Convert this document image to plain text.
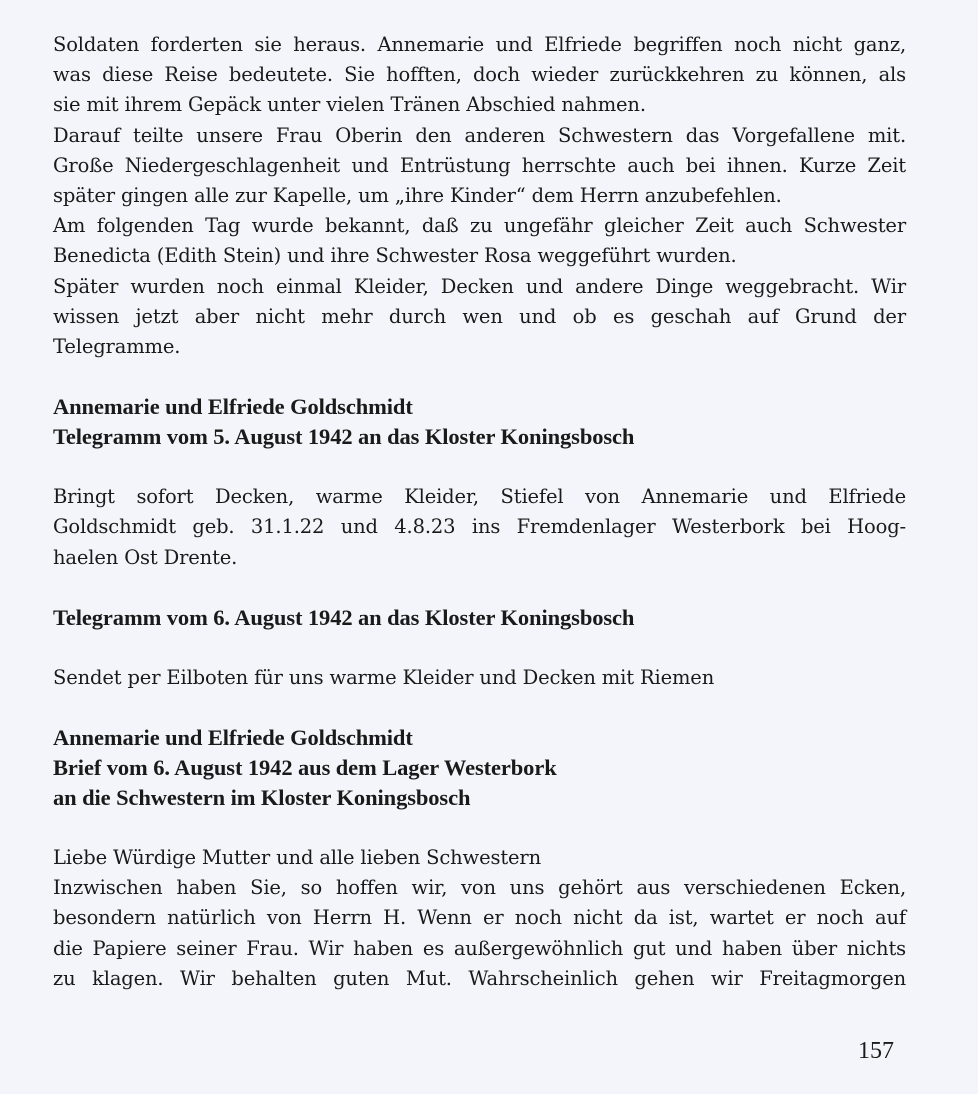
Soldaten forderten sie heraus. Annemarie und Elfriede begriffen noch nicht ganz,
was diese Reise bedeutete. Sie hofften, doch wieder zurückkehren zu können, als
sie mit ihrem Gepäck unter vielen Tränen Abschied nahmen.
Darauf teilte unsere Frau Oberin den anderen Schwestern das Vorgefallene mit.
Große Niedergeschlagenheit und Entrüstung herrschte auch bei ihnen. Kurze Zeit
später gingen alle zur Kapelle, um „ihre Kinder“ dem Herrn anzubefehlen.
Am folgenden Tag wurde bekannt, daß zu ungefähr gleicher Zeit auch Schwester
Benedicta (Edith Stein) und ihre Schwester Rosa weggeführt wurden.
Später wurden noch einmal Kleider, Decken und andere Dinge weggebracht. Wir
wissen jetzt aber nicht mehr durch wen und ob es geschah auf Grund der
Telegramme.

Annemarie und Elfriede Goldschmidt
Telegramm vom 5. August 1942 an das Kloster Koningsbosch

Bringt sofort Decken, warme Kleider, Stiefel von Annemarie und Elfriede
Goldschmidt geb. 31.1.22 und 4.8.23 ins Fremdenlager Westerbork bei Hoog-
haelen Ost Drente.

Telegramm vom 6. August 1942 an das Kloster Koningsbosch

Sendet per Eilboten für uns warme Kleider und Decken mit Riemen

Annemarie und Elfriede Goldschmidt
Brief vom 6. August 1942 aus dem Lager Westerbork
an die Schwestern im Kloster Koningsbosch

Liebe Würdige Mutter und alle lieben Schwestern
Inzwischen haben Sie, so hoffen wir, von uns gehört aus verschiedenen Ecken,
besondern natürlich von Herrn H. Wenn er noch nicht da ist, wartet er noch auf
die Papiere seiner Frau. Wir haben es außergewöhnlich gut und haben über nichts
zu klagen. Wir behalten guten Mut. Wahrscheinlich gehen wir Freitagmorgen

157
